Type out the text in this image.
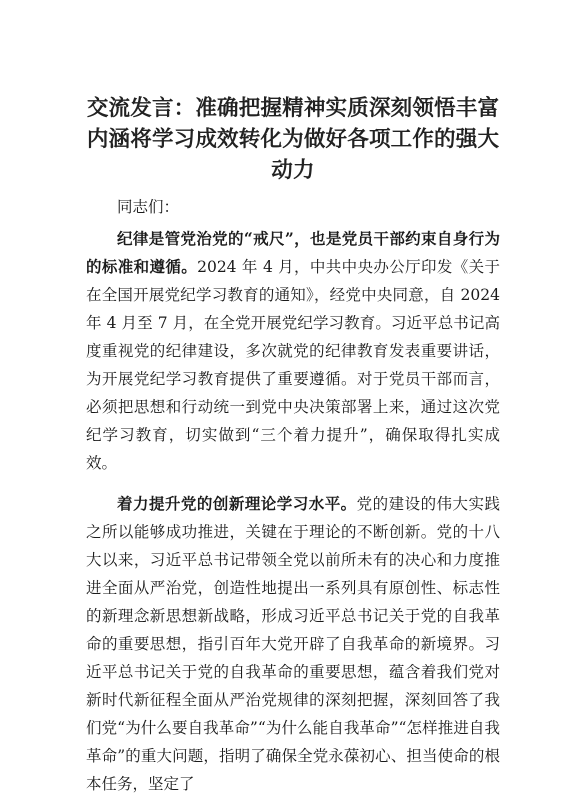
交流发言：准确把握精神实质深刻领悟丰富内涵将学习成效转化为做好各项工作的强大动力

同志们：

纪律是管党治党的“戒尺”，也是党员干部约束自身行为的标准和遵循。2024 年 4 月，中共中央办公厅印发《关于在全国开展党纪学习教育的通知》，经党中央同意，自 2024 年 4 月至 7 月，在全党开展党纪学习教育。习近平总书记高度重视党的纪律建设，多次就党的纪律教育发表重要讲话，为开展党纪学习教育提供了重要遵循。对于党员干部而言，必须把思想和行动统一到党中央决策部署上来，通过这次党纪学习教育，切实做到“三个着力提升”，确保取得扎实成效。

着力提升党的创新理论学习水平。党的建设的伟大实践之所以能够成功推进，关键在于理论的不断创新。党的十八大以来，习近平总书记带领全党以前所未有的决心和力度推进全面从严治党，创造性地提出一系列具有原创性、标志性的新理念新思想新战略，形成习近平总书记关于党的自我革命的重要思想，指引百年大党开辟了自我革命的新境界。习近平总书记关于党的自我革命的重要思想，蕴含着我们党对新时代新征程全面从严治党规律的深刻把握，深刻回答了我们党“为什么要自我革命”“为什么能自我革命”“怎样推进自我革命”的重大问题，指明了确保全党永葆初心、担当使命的根本任务，坚定了
